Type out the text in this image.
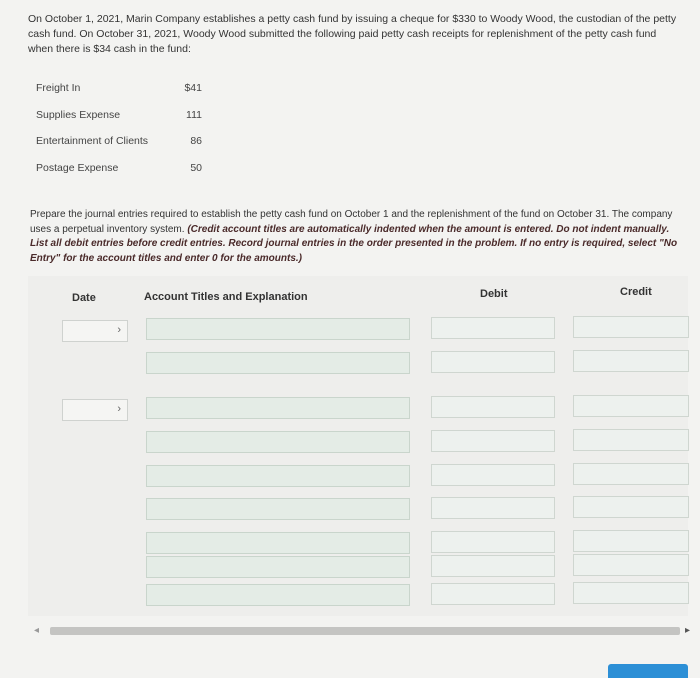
On October 1, 2021, Marin Company establishes a petty cash fund by issuing a cheque for $330 to Woody Wood, the custodian of the petty cash fund. On October 31, 2021, Woody Wood submitted the following paid petty cash receipts for replenishment of the petty cash fund when there is $34 cash in the fund:
Freight In	$41
Supplies Expense	111
Entertainment of Clients	86
Postage Expense	50
Prepare the journal entries required to establish the petty cash fund on October 1 and the replenishment of the fund on October 31. The company uses a perpetual inventory system. (Credit account titles are automatically indented when the amount is entered. Do not indent manually. List all debit entries before credit entries. Record journal entries in the order presented in the problem. If no entry is required, select "No Entry" for the account titles and enter 0 for the amounts.)
Date	Account Titles and Explanation	Debit	Credit
›
›
◂	▸
